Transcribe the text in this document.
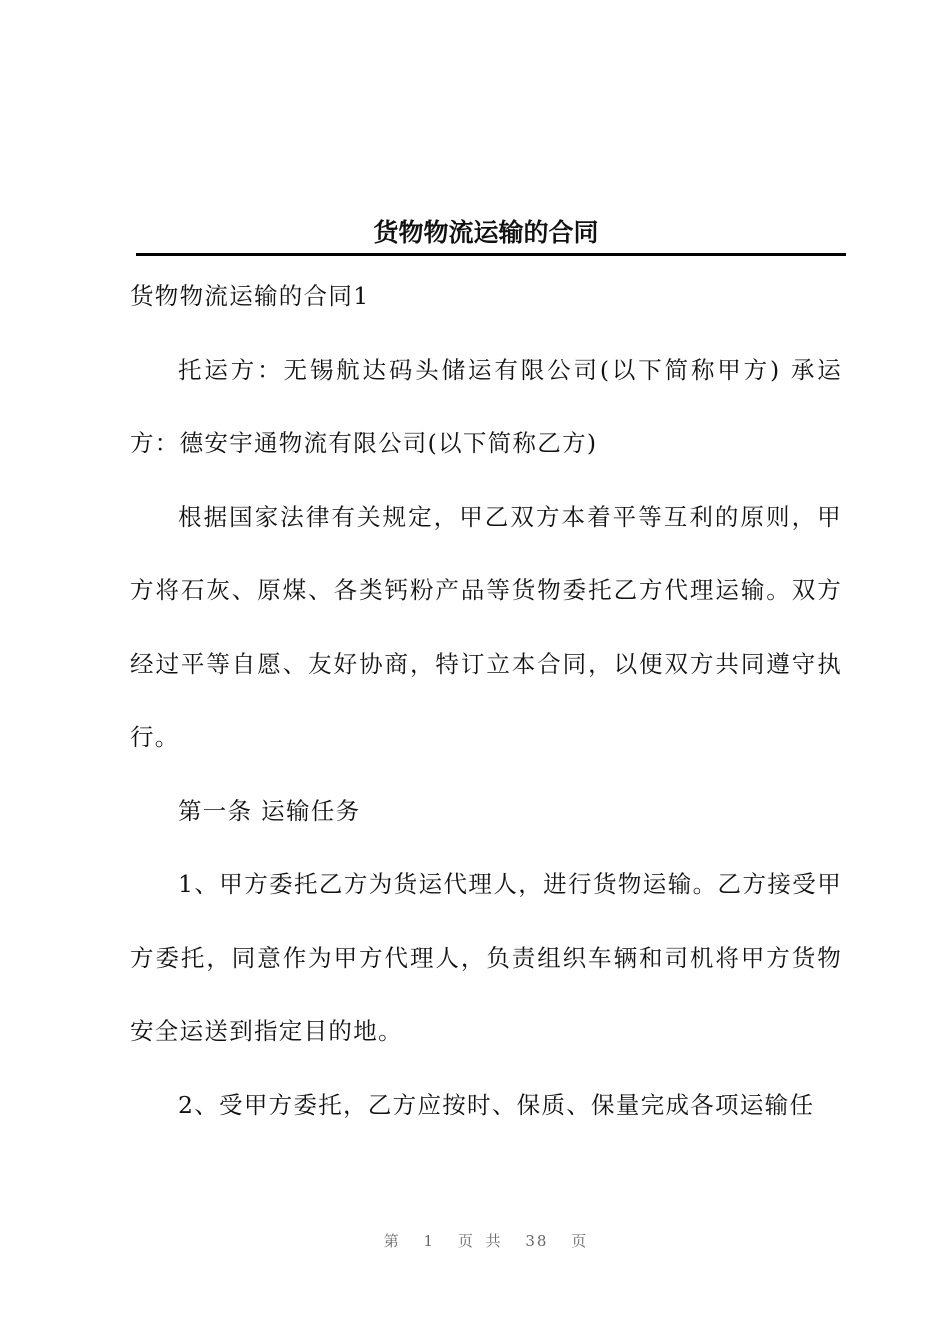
货物物流运输的合同

货物物流运输的合同1

托运方：无锡航达码头储运有限公司(以下简称甲方) 承运方：德安宇通物流有限公司(以下简称乙方)

根据国家法律有关规定，甲乙双方本着平等互利的原则，甲方将石灰、原煤、各类钙粉产品等货物委托乙方代理运输。双方经过平等自愿、友好协商，特订立本合同，以便双方共同遵守执行。

第一条 运输任务

1、甲方委托乙方为货运代理人，进行货物运输。乙方接受甲方委托，同意作为甲方代理人，负责组织车辆和司机将甲方货物安全运送到指定目的地。

2、受甲方委托，乙方应按时、保质、保量完成各项运输任

第 1 页 共 38 页
